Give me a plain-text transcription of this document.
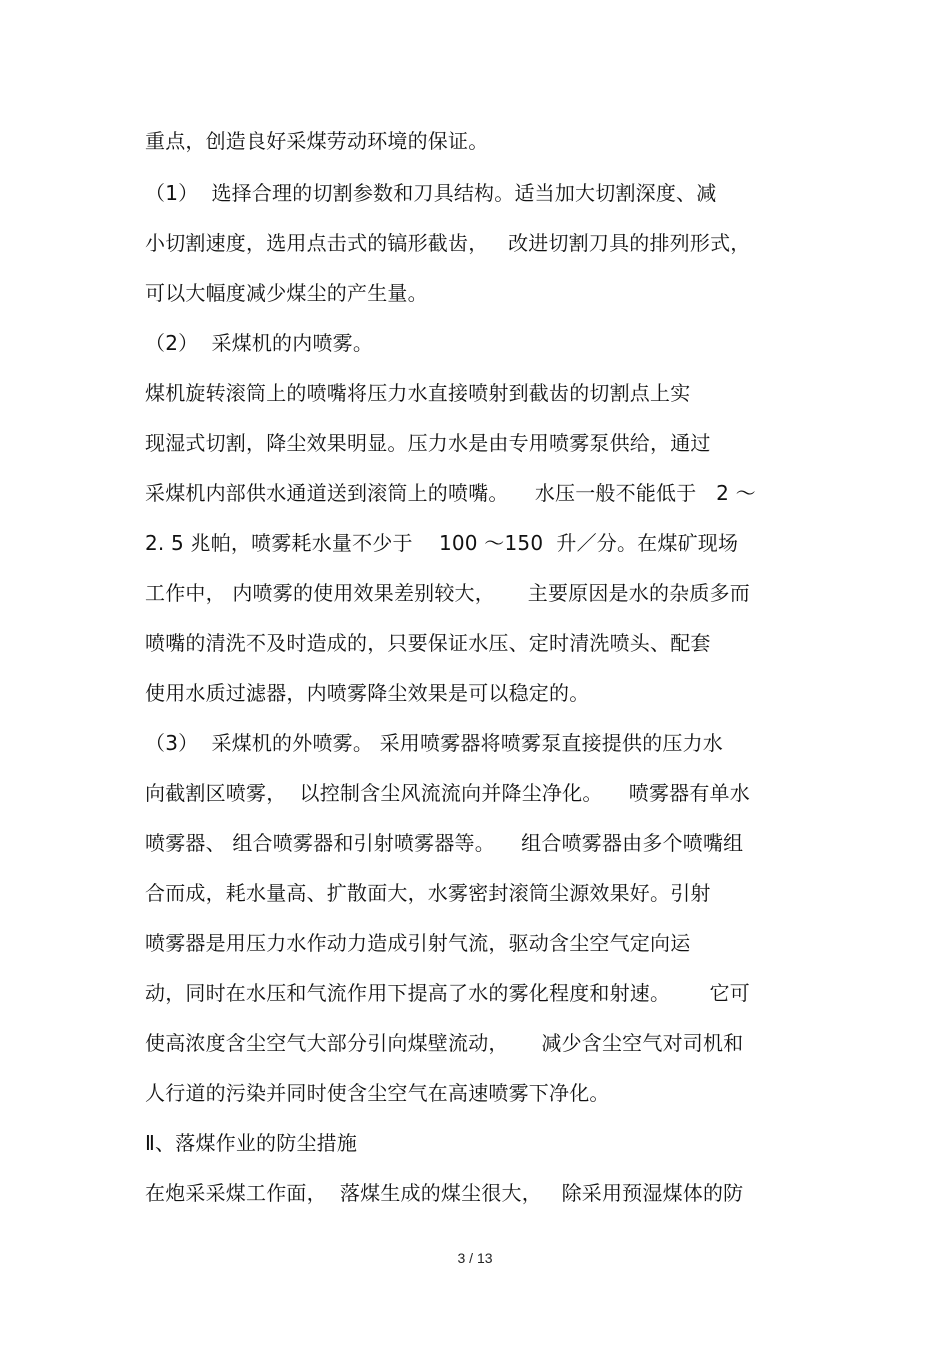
重点，创造良好采煤劳动环境的保证。
（1）  选择合理的切割参数和刀具结构。适当加大切割深度、减
小切割速度，选用点击式的镐形截齿，   改进切割刀具的排列形式，
可以大幅度减少煤尘的产生量。
（2）  采煤机的内喷雾。
煤机旋转滚筒上的喷嘴将压力水直接喷射到截齿的切割点上实
现湿式切割，降尘效果明显。压力水是由专用喷雾泵供给，通过
采煤机内部供水通道送到滚筒上的喷嘴。    水压一般不能低于   2 ～
2. 5 兆帕，喷雾耗水量不少于    100 ～150  升／分。在煤矿现场
工作中， 内喷雾的使用效果差别较大，     主要原因是水的杂质多而
喷嘴的清洗不及时造成的，只要保证水压、定时清洗喷头、配套
使用水质过滤器，内喷雾降尘效果是可以稳定的。
（3）  采煤机的外喷雾。 采用喷雾器将喷雾泵直接提供的压力水
向截割区喷雾，  以控制含尘风流流向并降尘净化。    喷雾器有单水
喷雾器、 组合喷雾器和引射喷雾器等。    组合喷雾器由多个喷嘴组
合而成，耗水量高、扩散面大，水雾密封滚筒尘源效果好。引射
喷雾器是用压力水作动力造成引射气流，驱动含尘空气定向运
动，同时在水压和气流作用下提高了水的雾化程度和射速。      它可
使高浓度含尘空气大部分引向煤壁流动，     减少含尘空气对司机和
人行道的污染并同时使含尘空气在高速喷雾下净化。
Ⅱ、落煤作业的防尘措施
在炮采采煤工作面，  落煤生成的煤尘很大，   除采用预湿煤体的防
3 / 13
